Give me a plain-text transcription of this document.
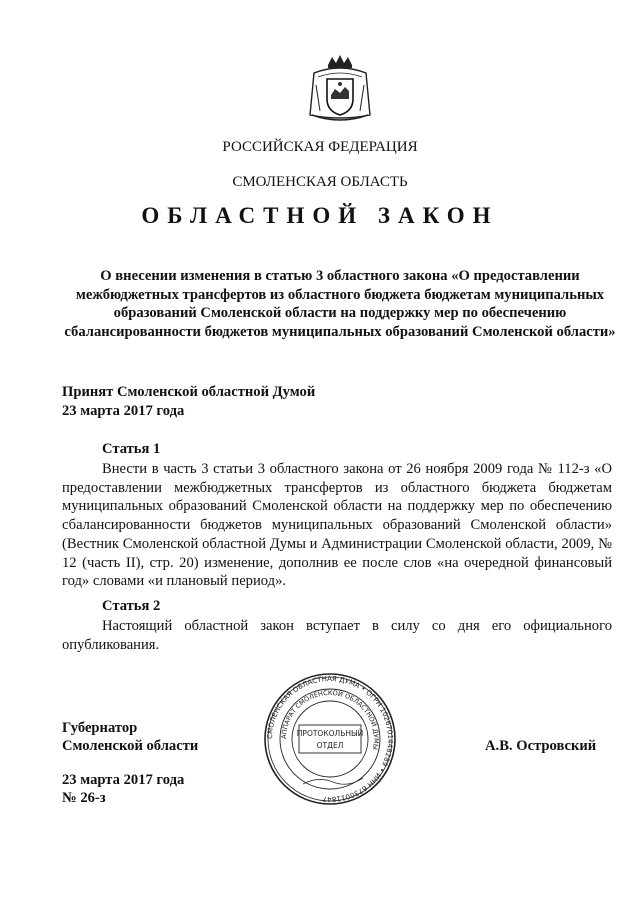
РОССИЙСКАЯ ФЕДЕРАЦИЯ
СМОЛЕНСКАЯ ОБЛАСТЬ
ОБЛАСТНОЙ ЗАКОН
О внесении изменения в статью 3 областного закона «О предоставлении межбюджетных трансфертов из областного бюджета бюджетам муниципальных образований Смоленской области на поддержку мер по обеспечению сбалансированности бюджетов муниципальных образований Смоленской области»
Принят Смоленской областной Думой
23 марта 2017 года
Статья 1
Внести в часть 3 статьи 3 областного закона от 26 ноября 2009 года № 112-з «О предоставлении межбюджетных трансфертов из областного бюджета бюджетам муниципальных образований Смоленской области на поддержку мер по обеспечению сбалансированности бюджетов муниципальных образований Смоленской области» (Вестник Смоленской областной Думы и Администрации Смоленской области, 2009, № 12 (часть II), стр. 20) изменение, дополнив ее после слов «на очередной финансовый год» словами «и плановый период».
Статья 2
Настоящий областной закон вступает в силу со дня его официального опубликования.
Губернатор
Смоленской области	А.В. Островский
23 марта 2017 года
№ 26-з
СМОЛЕНСКАЯ ОБЛАСТНАЯ ДУМА • ОГРН 1026701448289 • ИНН 6730011847
АППАРАТ СМОЛЕНСКОЙ ОБЛАСТНОЙ ДУМЫ
ПРОТОКОЛЬНЫЙ
ОТДЕЛ
